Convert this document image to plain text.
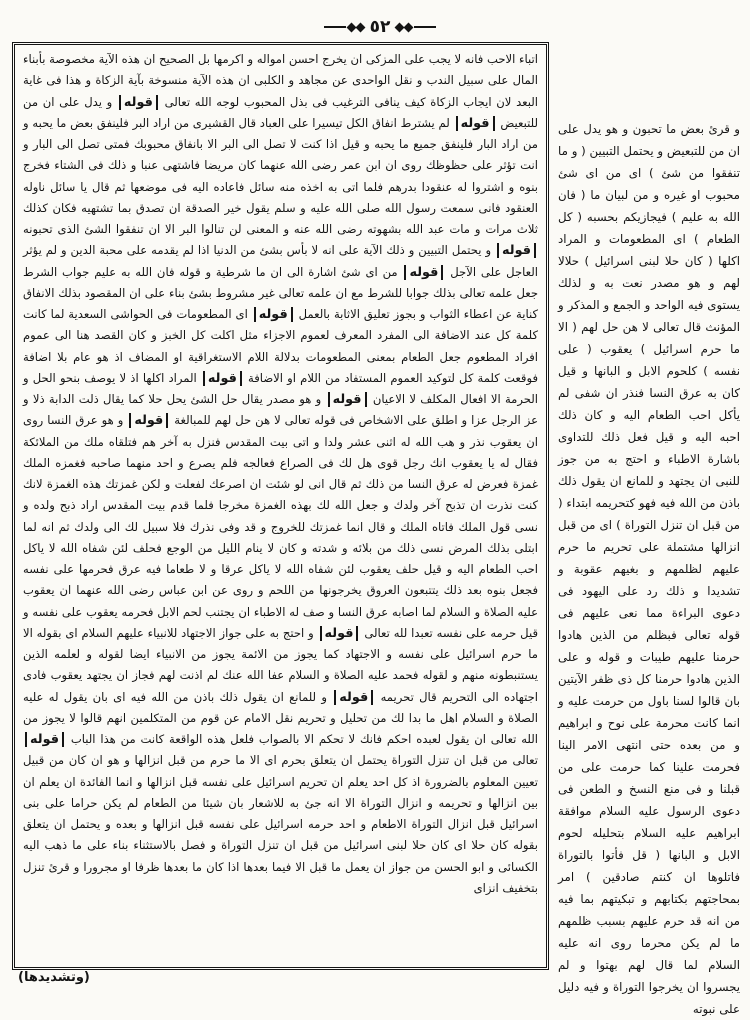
٥٢

اتباء الاحب فانه لا يجب على المزكى ان يخرج احسن امواله و اكرمها بل الصحيح ان هذه الآية مخصوصة بأبناء المال على سبيل الندب و نقل الواحدى عن مجاهد و الكلبى ان هذه الآية منسوخة بآية الزكاة و هذا فى غاية البعد لان ايجاب الزكاة كيف ينافى الترغيب فى بذل المحبوب لوجه الله تعالى قوله و يدل على ان من للتبعيض قوله لم يشترط انفاق الكل تيسيرا على العباد قال القشيرى من اراد البر فلينفق بعض ما يحبه و من اراد البار فلينفق جميع ما يحبه و قيل اذا كنت لا تصل الى البر الا بانفاق محبوبك فمتى تصل الى البار و انت تؤثر على حظوظك روى ان ابن عمر رضى الله عنهما كان مريضا فاشتهى عنبا و ذلك فى الشتاء فخرج بنوه و اشتروا له عنقودا بدرهم فلما اتى به اخذه منه سائل فاعاده اليه فى موضعها ثم قال يا سائل ناوله العنقود فانى سمعت رسول الله صلى الله عليه و سلم يقول خير الصدقة ان تصدق بما تشتهيه فكان كذلك ثلاث مرات و مات عبد الله بشهوته رضى الله عنه و المعنى لن تنالوا البر الا ان تنفقوا الشئ الذى تحبونه قوله و يحتمل التبيين و ذلك الآية على انه لا بأس بشئ من الدنيا اذا لم يقدمه على محبة الدين و لم يؤثر العاجل على الآجل قوله من اى شئ اشارة الى ان ما شرطية و قوله فان الله به عليم جواب الشرط جعل علمه تعالى بذلك جوابا للشرط مع ان علمه تعالى غير مشروط بشئ بناء على ان المقصود بذلك الانفاق كناية عن اعطاء الثواب و بجوز تعليق الاثابة بالعمل قوله اى المطعومات فى الحواشى السعدية لما كانت كلمة كل عند الاضافة الى المفرد المعرف لعموم الاجزاء مثل اكلت كل الخبز و كان القصد هنا الى عموم افراد المطعوم جعل الطعام بمعنى المطعومات بدلالة اللام الاستغراقية او المضاف اذ هو عام بلا اضافة فوقعت كلمة كل لتوكيد العموم المستفاد من اللام او الاضافة قوله المراد اكلها اذ لا يوصف بنحو الحل و الحرمة الا افعال المكلف لا الاعيان قوله و هو مصدر يقال حل الشئ يحل حلا كما يقال ذلت الدابة ذلا و عز الرجل عزا و اطلق على الاشخاص فى قوله تعالى لا هن حل لهم للمبالغة قوله و هو عرق النسا روى ان يعقوب نذر و هب الله له اثنى عشر ولدا و اتى بيت المقدس فنزل به آخر هم فتلقاه ملك من الملائكة فقال له يا يعقوب انك رجل قوى هل لك فى الصراع فعالجه فلم يصرع و احد منهما صاحبه فغمزه الملك غمزة فعرض له عرق النسا من ذلك ثم قال انى لو شئت ان اصرعك لفعلت و لكن غمزتك هذه الغمزة لانك كنت نذرت ان تذبح آخر ولدك و جعل الله لك بهذه الغمزة مخرجا فلما قدم بيت المقدس اراد ذبح ولده و نسى قول الملك فاتاه الملك و قال انما غمزتك للخروج و قد وفى نذرك فلا سبيل لك الى ولدك ثم انه لما ابتلى بذلك المرض نسى ذلك من بلائه و شدته و كان لا ينام الليل من الوجع فحلف لئن شفاه الله لا ياكل احب الطعام اليه و قيل حلف يعقوب لئن شفاه الله لا ياكل عرقا و لا طعاما فيه عرق فحرمها على نفسه فجعل بنوه بعد ذلك يتتبعون العروق يخرجونها من اللحم و روى عن ابن عباس رضى الله عنهما ان يعقوب عليه الصلاة و السلام لما اصابه عرق النسا و صف له الاطباء ان يجتنب لحم الابل فحرمه يعقوب على نفسه و قيل حرمه على نفسه تعبدا لله تعالى قوله و احتج به على جواز الاجتهاد للانبياء عليهم السلام اى بقوله الا ما حرم اسرائيل على نفسه و الاجتهاد كما يجوز من الائمة يجوز من الانبياء ايضا لقوله و لعلمه الذين يستنبطونه منهم و لقوله فحمد عليه الصلاة و السلام عفا الله عنك لم اذنت لهم فجاز ان يجتهد يعقوب فادى اجتهاده الى التحريم قال تحريمه قوله و للمانع ان يقول ذلك باذن من الله فيه اى بان يقول له عليه الصلاة و السلام اهل ما بدا لك من تحليل و تحريم نقل الامام عن قوم من المتكلمين انهم قالوا لا يجوز من الله تعالى ان يقول لعبده احكم فانك لا تحكم الا بالصواب فلعل هذه الواقعة كانت من هذا الباب قوله تعالى من قبل ان تنزل التوراة يحتمل ان يتعلق بحرم اى الا ما حرم من قبل انزالها و هو ان كان من قبيل تعيين المعلوم بالضرورة اذ كل احد يعلم ان تحريم اسرائيل على نفسه قبل انزالها و انما الفائدة ان يعلم ان بين انزالها و تحريمه و انزال التوراة الا انه جئ به للاشعار بان شيئا من الطعام لم يكن حراما على بنى اسرائيل قبل انزال التوراة الاطعام و احد حرمه اسرائيل على نفسه قبل انزالها و بعده و يحتمل ان يتعلق بقوله كان حلا اى كان حلا لبنى اسرائيل من قبل ان تنزل التوراة و فصل بالاستثناء بناء على ما ذهب اليه الكسائى و ابو الحسن من جواز ان يعمل ما قبل الا فيما بعدها اذا كان ما بعدها ظرفا او مجرورا و قرئ تنزل بتخفيف انزاى

و قرئ بعض ما تحبون و هو يدل على ان من للتبعيض و يحتمل التبيين ( و ما تنفقوا من شئ ) اى من اى شئ محبوب او غيره و من لبيان ما ( فان الله به عليم ) فيجازيكم بحسبه ( كل الطعام ) اى المطعومات و المراد اكلها ( كان حلا لبنى اسرائيل ) حلالا لهم و هو مصدر نعت به و لذلك يستوى فيه الواحد و الجمع و المذكر و المؤنث قال تعالى لا هن حل لهم ( الا ما حرم اسرائيل ) يعقوب ( على نفسه ) كلحوم الابل و البانها و قيل كان به عرق النسا فنذر ان شفى لم يأكل احب الطعام اليه و كان ذلك احبه اليه و قيل فعل ذلك للتداوى باشارة الاطباء و احتج به من جوز للنبى ان يجتهد و للمانع ان يقول ذلك باذن من الله فيه فهو كتحريمه ابتداء ( من قبل ان تنزل التوراة ) اى من قبل انزالها مشتملة على تحريم ما حرم عليهم لظلمهم و بغيهم عقوبة و تشديدا و ذلك رد على اليهود فى دعوى البراءة مما نعى عليهم فى قوله تعالى فبظلم من الذين هادوا حرمنا عليهم طيبات و قوله و على الذين هادوا حرمنا كل ذى ظفر الآيتين بان قالوا لسنا باول من حرمت عليه و انما كانت محرمة على نوح و ابراهيم و من بعده حتى انتهى الامر الينا فحرمت علينا كما حرمت على من قبلنا و فى منع النسخ و الطعن فى دعوى الرسول عليه السلام موافقة ابراهيم عليه السلام بتحليله لحوم الابل و البانها ( قل فأتوا بالتوراة فاتلوها ان كنتم صادقين ) امر بمحاجتهم بكتابهم و تبكيتهم بما فيه من انه قد حرم عليهم بسبب ظلمهم ما لم يكن محرما روى انه عليه السلام لما قال لهم بهتوا و لم يجسروا ان يخرجوا التوراة و فيه دليل على نبوته
(وتشديدها)
